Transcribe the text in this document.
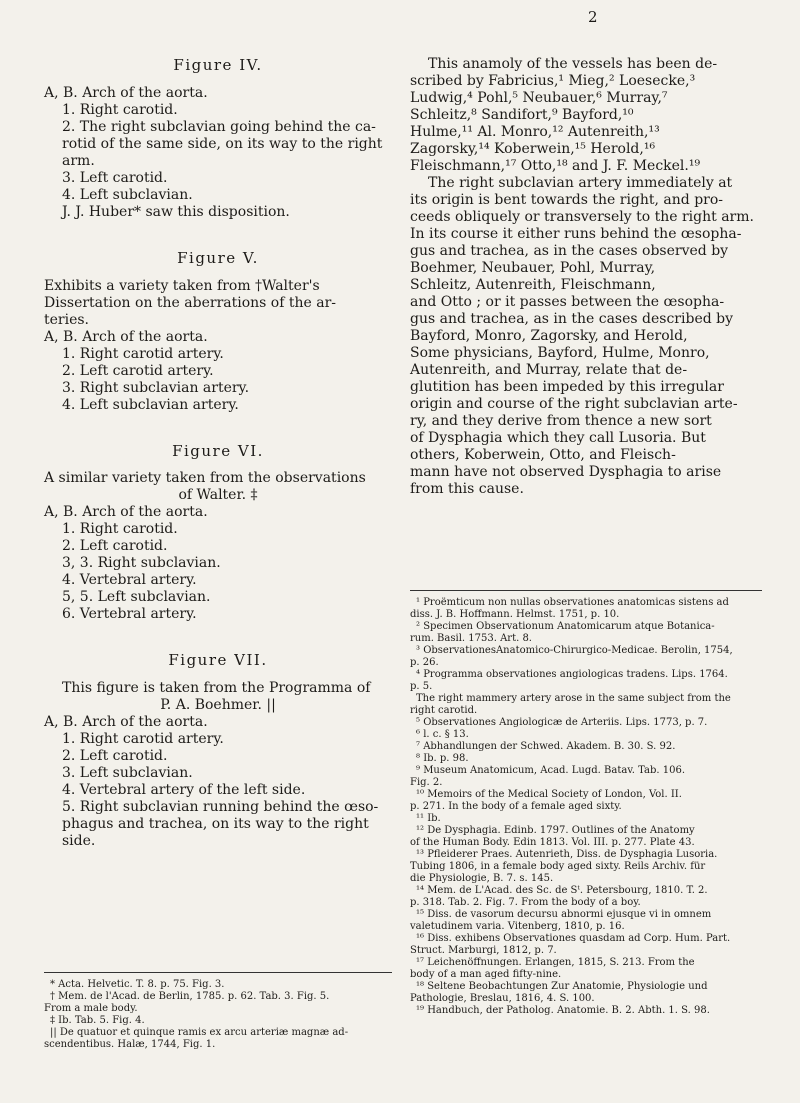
2
Figure IV.

A, B. Arch of the aorta.

1. Right carotid.

2. The right subclavian going behind the ca-

rotid of the same side, on its way to the right

arm.

3. Left carotid.

4. Left subclavian.

J. J. Huber* saw this disposition.

Figure V.

Exhibits a variety taken from †Walter's

Dissertation on the aberrations of the ar-

teries.

A, B. Arch of the aorta.

1. Right carotid artery.

2. Left carotid artery.

3. Right subclavian artery.

4. Left subclavian artery.

Figure VI.

A similar variety taken from the observations

of Walter. ‡

A, B. Arch of the aorta.

1. Right carotid.

2. Left carotid.

3, 3. Right subclavian.

4. Vertebral artery.

5, 5. Left subclavian.

6. Vertebral artery.

Figure VII.

This figure is taken from the Programma of

P. A. Boehmer. ||

A, B. Arch of the aorta.

1. Right carotid artery.

2. Left carotid.

3. Left subclavian.

4. Vertebral artery of the left side.

5. Right subclavian running behind the œso-

phagus and trachea, on its way to the right

side.

* Acta. Helvetic. T. 8. p. 75. Fig. 3.

† Mem. de l'Acad. de Berlin, 1785. p. 62. Tab. 3. Fig. 5.

From a male body.

‡ Ib. Tab. 5. Fig. 4.

|| De quatuor et quinque ramis ex arcu arteriæ magnæ ad-

scendentibus. Halæ, 1744, Fig. 1.

This anamoly of the vessels has been de-

scribed by Fabricius,¹ Mieg,² Loesecke,³

Ludwig,⁴ Pohl,⁵ Neubauer,⁶ Murray,⁷

Schleitz,⁸ Sandifort,⁹ Bayford,¹⁰

Hulme,¹¹ Al. Monro,¹² Autenreith,¹³

Zagorsky,¹⁴ Koberwein,¹⁵ Herold,¹⁶

Fleischmann,¹⁷ Otto,¹⁸ and J. F. Meckel.¹⁹

The right subclavian artery immediately at

its origin is bent towards the right, and pro-

ceeds obliquely or transversely to the right arm.

In its course it either runs behind the œsopha-

gus and trachea, as in the cases observed by

Boehmer, Neubauer, Pohl, Murray,

Schleitz, Autenreith, Fleischmann,

and Otto ; or it passes between the œsopha-

gus and trachea, as in the cases described by

Bayford, Monro, Zagorsky, and Herold,

Some physicians, Bayford, Hulme, Monro,

Autenreith, and Murray, relate that de-

glutition has been impeded by this irregular

origin and course of the right subclavian arte-

ry, and they derive from thence a new sort

of Dysphagia which they call Lusoria. But

others, Koberwein, Otto, and Fleisch-

mann have not observed Dysphagia to arise

from this cause.

¹ Proëmticum non nullas observationes anatomicas sistens ad

diss. J. B. Hoffmann. Helmst. 1751, p. 10.

² Specimen Observationum Anatomicarum atque Botanica-

rum. Basil. 1753. Art. 8.

³ ObservationesAnatomico-Chirurgico-Medicae. Berolin, 1754,

p. 26.

⁴ Programma observationes angiologicas tradens. Lips. 1764.

p. 5.

The right mammery artery arose in the same subject from the

right carotid.

⁵ Observationes Angiologicæ de Arteriis. Lips. 1773, p. 7.

⁶ l. c. § 13.

⁷ Abhandlungen der Schwed. Akadem. B. 30. S. 92.

⁸ Ib. p. 98.

⁹ Museum Anatomicum, Acad. Lugd. Batav. Tab. 106.

Fig. 2.

¹⁰ Memoirs of the Medical Society of London, Vol. II.

p. 271. In the body of a female aged sixty.

¹¹ Ib.

¹² De Dysphagia. Edinb. 1797. Outlines of the Anatomy

of the Human Body. Edin 1813. Vol. III. p. 277. Plate 43.

¹³ Pfleiderer Praes. Autenrieth, Diss. de Dysphagia Lusoria.

Tubing 1806, in a female body aged sixty. Reils Archiv. für

die Physiologie, B. 7. s. 145.

¹⁴ Mem. de L'Acad. des Sc. de Sᵗ. Petersbourg, 1810. T. 2.

p. 318. Tab. 2. Fig. 7. From the body of a boy.

¹⁵ Diss. de vasorum decursu abnormi ejusque vi in omnem

valetudinem varia. Vitenberg, 1810, p. 16.

¹⁶ Diss. exhibens Observationes quasdam ad Corp. Hum. Part.

Struct. Marburgi, 1812, p. 7.

¹⁷ Leichenöffnungen. Erlangen, 1815, S. 213. From the

body of a man aged fifty-nine.

¹⁸ Seltene Beobachtungen Zur Anatomie, Physiologie und

Pathologie, Breslau, 1816, 4. S. 100.

¹⁹ Handbuch, der Patholog. Anatomie. B. 2. Abth. 1. S. 98.
